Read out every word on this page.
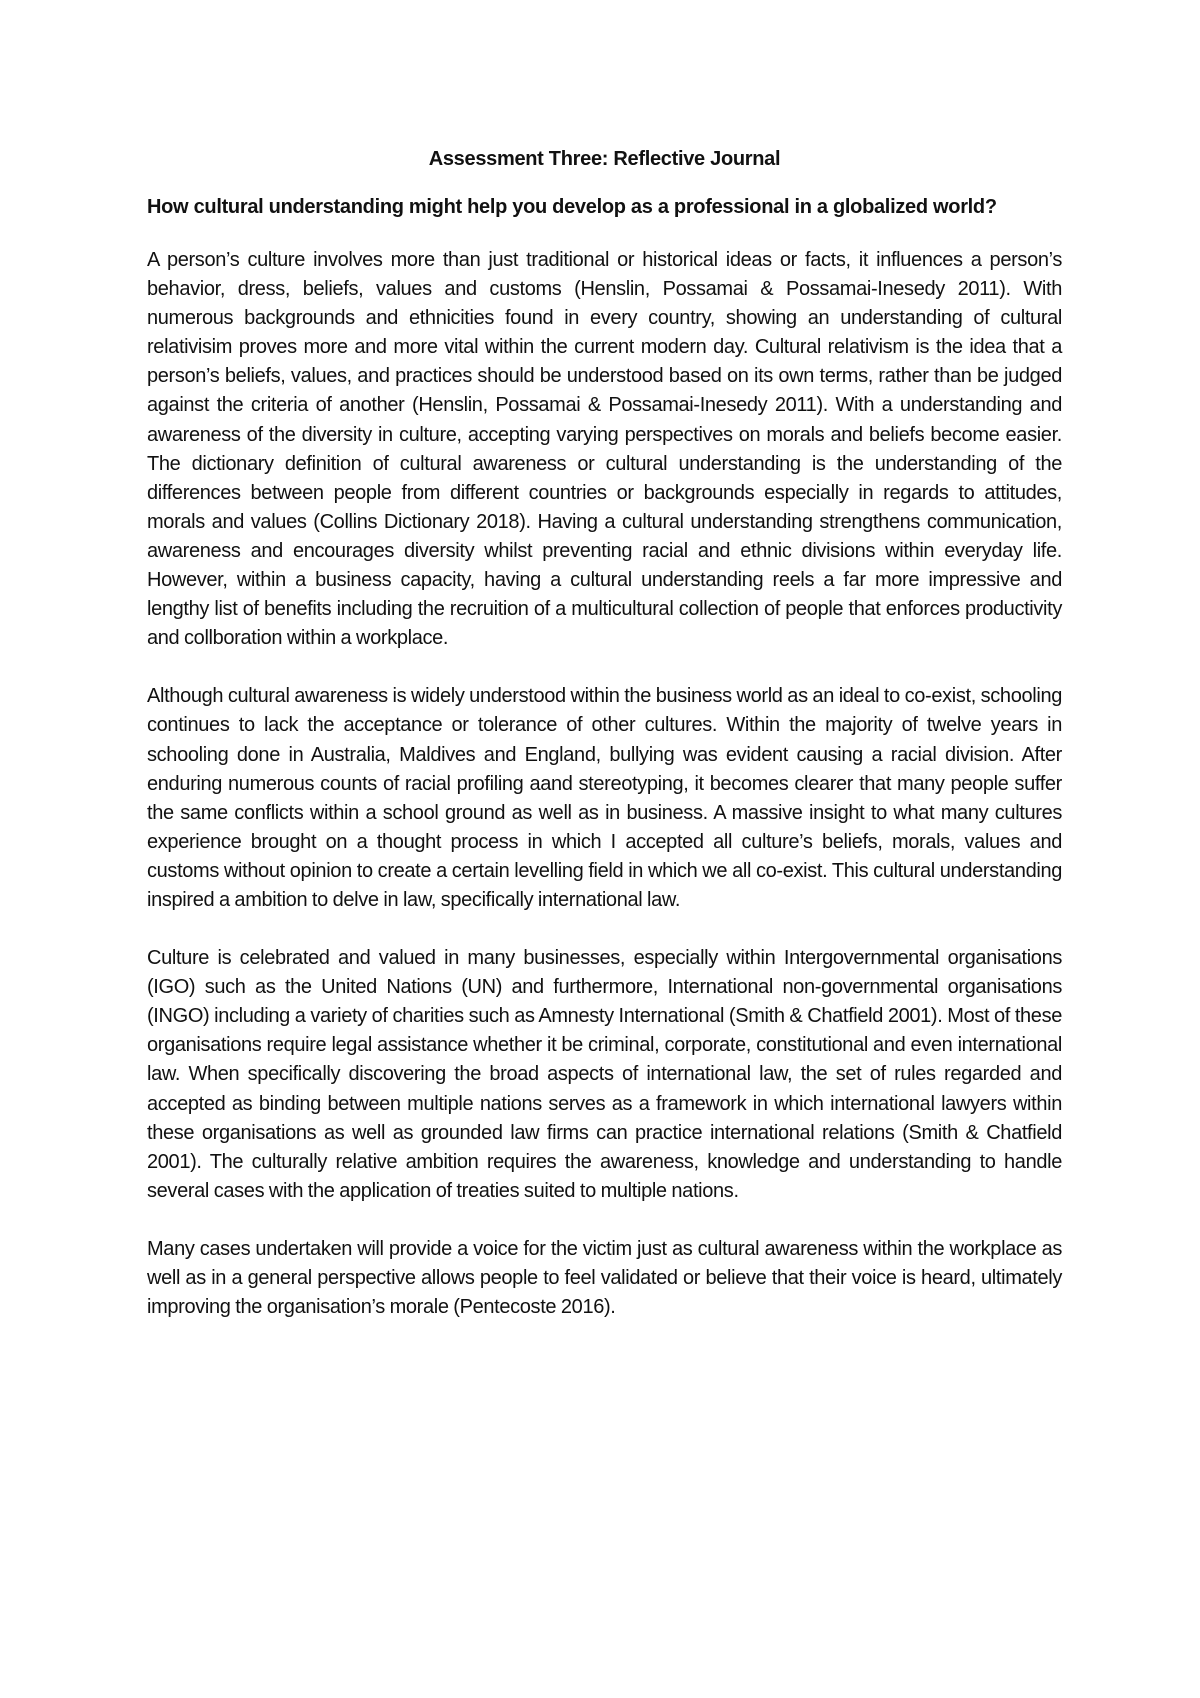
Assessment Three: Reflective Journal
How cultural understanding might help you develop as a professional in a globalized world?

A person’s culture involves more than just traditional or historical ideas or facts, it influences a person’s behavior, dress, beliefs, values and customs (Henslin, Possamai & Possamai-Inesedy 2011). With numerous backgrounds and ethnicities found in every country, showing an understanding of cultural relativisim proves more and more vital within the current modern day. Cultural relativism is the idea that a person’s beliefs, values, and practices should be understood based on its own terms, rather than be judged against the criteria of another (Henslin, Possamai & Possamai-Inesedy 2011). With a understanding and awareness of the diversity in culture, accepting varying perspectives on morals and beliefs become easier. The dictionary definition of cultural awareness or cultural understanding is the understanding of the differences between people from different countries or backgrounds especially in regards to attitudes, morals and values (Collins Dictionary 2018). Having a cultural understanding strengthens communication, awareness and encourages diversity whilst preventing racial and ethnic divisions within everyday life. However, within a business capacity, having a cultural understanding reels a far more impressive and lengthy list of benefits including the recruition of a multicultural collection of people that enforces productivity and collboration within a workplace.

Although cultural awareness is widely understood within the business world as an ideal to co-exist, schooling continues to lack the acceptance or tolerance of other cultures. Within the majority of twelve years in schooling done in Australia, Maldives and England, bullying was evident causing a racial division. After enduring numerous counts of racial profiling aand stereotyping, it becomes clearer that many people suffer the same conflicts within a school ground as well as in business. A massive insight to what many cultures experience brought on a thought process in which I accepted all culture’s beliefs, morals, values and customs without opinion to create a certain levelling field in which we all co-exist. This cultural understanding inspired a ambition to delve in law, specifically international law.

Culture is celebrated and valued in many businesses, especially within Intergovernmental organisations (IGO) such as the United Nations (UN) and furthermore, International non-governmental organisations (INGO) including a variety of charities such as Amnesty International (Smith & Chatfield 2001). Most of these organisations require legal assistance whether it be criminal, corporate, constitutional and even international law. When specifically discovering the broad aspects of international law, the set of rules regarded and accepted as binding between multiple nations serves as a framework in which international lawyers within these organisations as well as grounded law firms can practice international relations (Smith & Chatfield 2001). The culturally relative ambition requires the awareness, knowledge and understanding to handle several cases with the application of treaties suited to multiple nations.

Many cases undertaken will provide a voice for the victim just as cultural awareness within the workplace as well as in a general perspective allows people to feel validated or believe that their voice is heard, ultimately improving the organisation’s morale (Pentecoste 2016).
